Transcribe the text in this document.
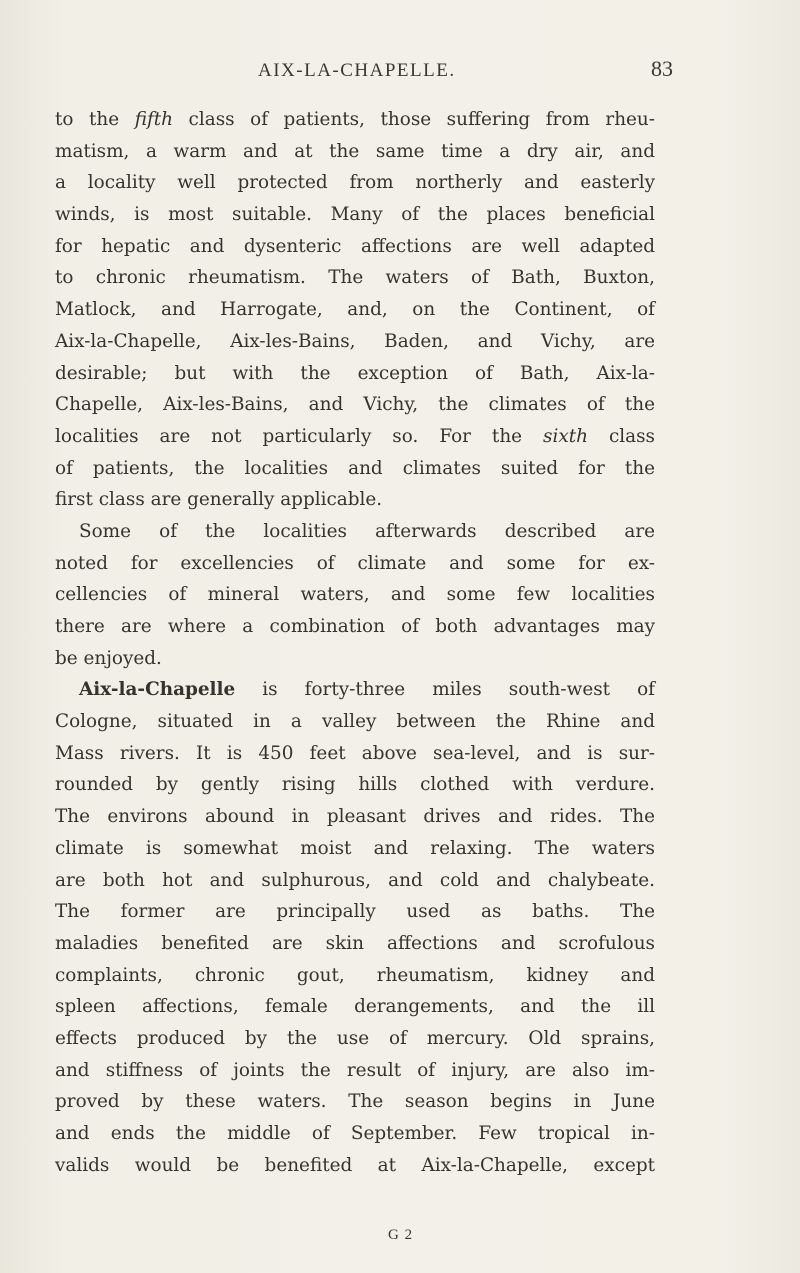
AIX-LA-CHAPELLE.	83
to the fifth class of patients, those suffering from rheu-
matism, a warm and at the same time a dry air, and
a locality well protected from northerly and easterly
winds, is most suitable. Many of the places beneficial
for hepatic and dysenteric affections are well adapted
to chronic rheumatism. The waters of Bath, Buxton,
Matlock, and Harrogate, and, on the Continent, of
Aix-la-Chapelle, Aix-les-Bains, Baden, and Vichy, are
desirable; but with the exception of Bath, Aix-la-
Chapelle, Aix-les-Bains, and Vichy, the climates of the
localities are not particularly so. For the sixth class
of patients, the localities and climates suited for the
first class are generally applicable.
Some of the localities afterwards described are
noted for excellencies of climate and some for ex-
cellencies of mineral waters, and some few localities
there are where a combination of both advantages may
be enjoyed.
Aix-la-Chapelle is forty-three miles south-west of
Cologne, situated in a valley between the Rhine and
Mass rivers. It is 450 feet above sea-level, and is sur-
rounded by gently rising hills clothed with verdure.
The environs abound in pleasant drives and rides. The
climate is somewhat moist and relaxing. The waters
are both hot and sulphurous, and cold and chalybeate.
The former are principally used as baths. The
maladies benefited are skin affections and scrofulous
complaints, chronic gout, rheumatism, kidney and
spleen affections, female derangements, and the ill
effects produced by the use of mercury. Old sprains,
and stiffness of joints the result of injury, are also im-
proved by these waters. The season begins in June
and ends the middle of September. Few tropical in-
valids would be benefited at Aix-la-Chapelle, except
G 2
